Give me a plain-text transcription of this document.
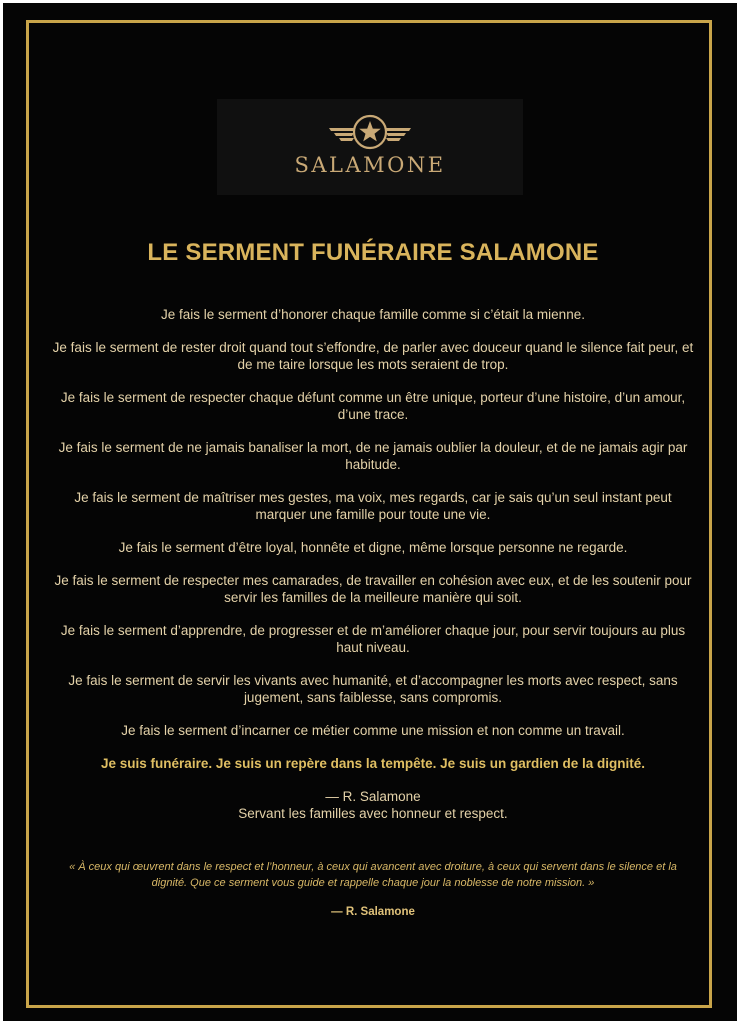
SALAMONE
LE SERMENT FUNÉRAIRE SALAMONE

Je fais le serment d’honorer chaque famille comme si c’était la mienne.

Je fais le serment de rester droit quand tout s’effondre, de parler avec douceur quand le silence fait peur, et de me taire lorsque les mots seraient de trop.

Je fais le serment de respecter chaque défunt comme un être unique, porteur d’une histoire, d’un amour, d’une trace.

Je fais le serment de ne jamais banaliser la mort, de ne jamais oublier la douleur, et de ne jamais agir par habitude.

Je fais le serment de maîtriser mes gestes, ma voix, mes regards, car je sais qu’un seul instant peut marquer une famille pour toute une vie.

Je fais le serment d’être loyal, honnête et digne, même lorsque personne ne regarde.

Je fais le serment de respecter mes camarades, de travailler en cohésion avec eux, et de les soutenir pour servir les familles de la meilleure manière qui soit.

Je fais le serment d’apprendre, de progresser et de m’améliorer chaque jour, pour servir toujours au plus haut niveau.

Je fais le serment de servir les vivants avec humanité, et d’accompagner les morts avec respect, sans jugement, sans faiblesse, sans compromis.

Je fais le serment d’incarner ce métier comme une mission et non comme un travail.

Je suis funéraire. Je suis un repère dans la tempête. Je suis un gardien de la dignité.

— R. Salamone

Servant les familles avec honneur et respect.

« À ceux qui œuvrent dans le respect et l’honneur, à ceux qui avancent avec droiture, à ceux qui servent dans le silence et la dignité. Que ce serment vous guide et rappelle chaque jour la noblesse de notre mission. »
— R. Salamone
